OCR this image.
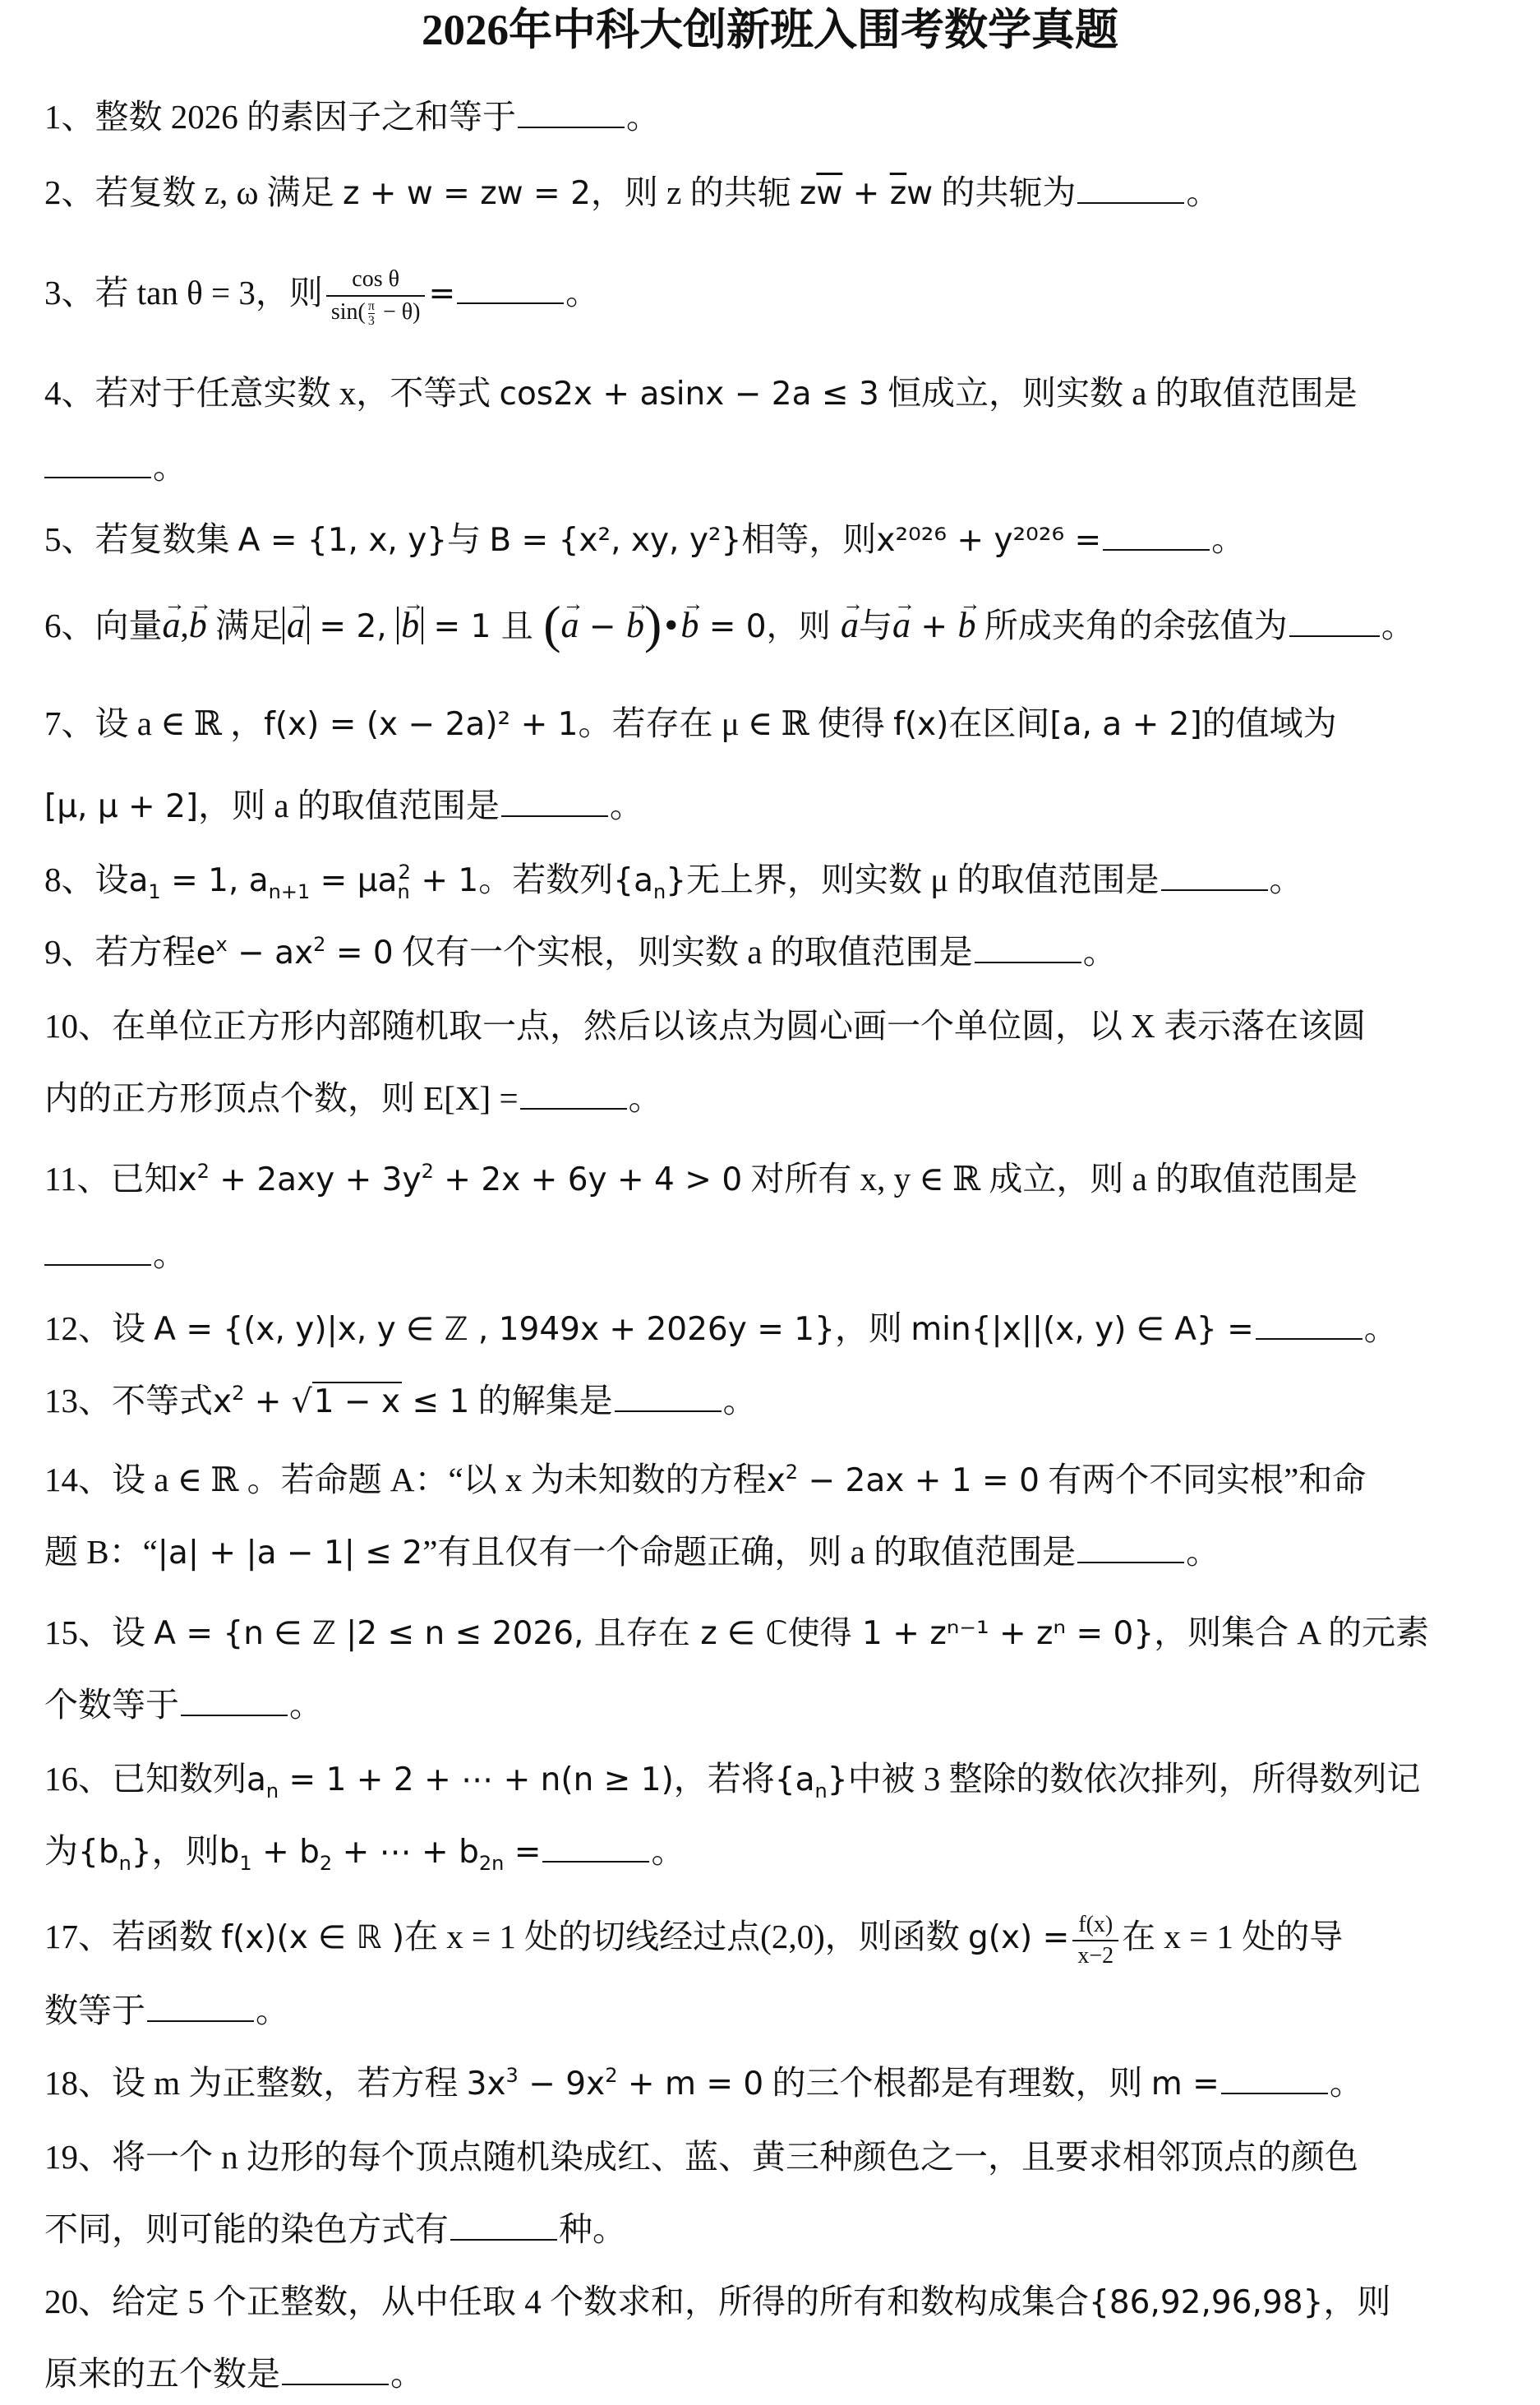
2026年中科大创新班入围考数学真题
1、整数 2026 的素因子之和等于	。
2、若复数 z, ω 满足 z + w = zw = 2，则 z 的共轭 $z\overline{w} + \overline{z}w$ 的共轭为	。
3、若 tan θ = 3，则 $\frac{\text{cos θ}}{\sin( \frac{\pi}{3} - \theta)}$ =	。
4、若对于任意实数 x，不等式 cos2x + asinx − 2a ≤ 3 恒成立，则实数 a 的取值范围是
。
5、若复数集 A = {1, x, y}与 B = {x², xy, y²}相等，则x²⁰²⁶ + y²⁰²⁶ =	。
6、向量→ a,→ b 满足 → a = 2, → b = 1 且 (→ a − → b)•→ b = 0，则 → a与→ a + → b 所成夹角的余弦值为	。
7、设 a ∈ ℝ ，f(x) = (x − 2a)² + 1。若存在 μ ∈ ℝ 使得 f(x)在区间[a, a + 2]的值域为
[μ, μ + 2]，则 a 的取值范围是	。
8、设$a_1 = 1$, $a_{n+1} = \mu a_n^2 + 1$。若数列$\{a_n\}$无上界，则实数 μ 的取值范围是	。
9、若方程$e^x - ax^2 = 0$ 仅有一个实根，则实数 a 的取值范围是	。
10、在单位正方形内部随机取一点，然后以该点为圆心画一个单位圆，以 X 表示落在该圆
内的正方形顶点个数，则 E[X] =	。
11、已知$x^2 + 2axy + 3y^2 + 2x + 6y + 4 > 0$ 对所有 x, y ∈ ℝ 成立，则 a 的取值范围是
。
12、设 A = {(x, y)|x, y ∈ ℤ , 1949x + 2026y = 1}，则 min{|x||(x, y) ∈ A} =	。
13、不等式$x^2 + √1 - x \le 1$ 的解集是	。
14、设 a ∈ ℝ 。若命题 A：“以 x 为未知数的方程$x^2 - 2ax + 1 = 0$ 有两个不同实根”和命
题 B：“|a| + |a − 1| ≤ 2”有且仅有一个命题正确，则 a 的取值范围是	。
15、设 A = {n ∈ ℤ |2 ≤ n ≤ 2026, 且存在 z ∈ ℂ使得 1 + zⁿ⁻¹ + zⁿ = 0}，则集合 A 的元素
个数等于	。
16、已知数列$a_n = 1 + 2$ + ⋯ + n(n ≥ 1)，若将$\{a_n\}$中被 3 整除的数依次排列，所得数列记
为$\{b_n\}$，则$b_1 + b_2$ + ⋯ + $b_{2n}$ =	。
17、若函数 f(x)(x ∈ ℝ )在 x = 1 处的切线经过点(2,0)，则函数 $g(x) = \frac{f(x)}{x-2}$ 在 x = 1 处的导
数等于	。
18、设 m 为正整数，若方程 $3x^3 - 9x^2 + m = 0$ 的三个根都是有理数，则 m =	。
19、将一个 n 边形的每个顶点随机染成红、蓝、黄三种颜色之一，且要求相邻顶点的颜色
不同，则可能的染色方式有	种。
20、给定 5 个正整数，从中任取 4 个数求和，所得的所有和数构成集合{86,92,96,98}，则
原来的五个数是	。
